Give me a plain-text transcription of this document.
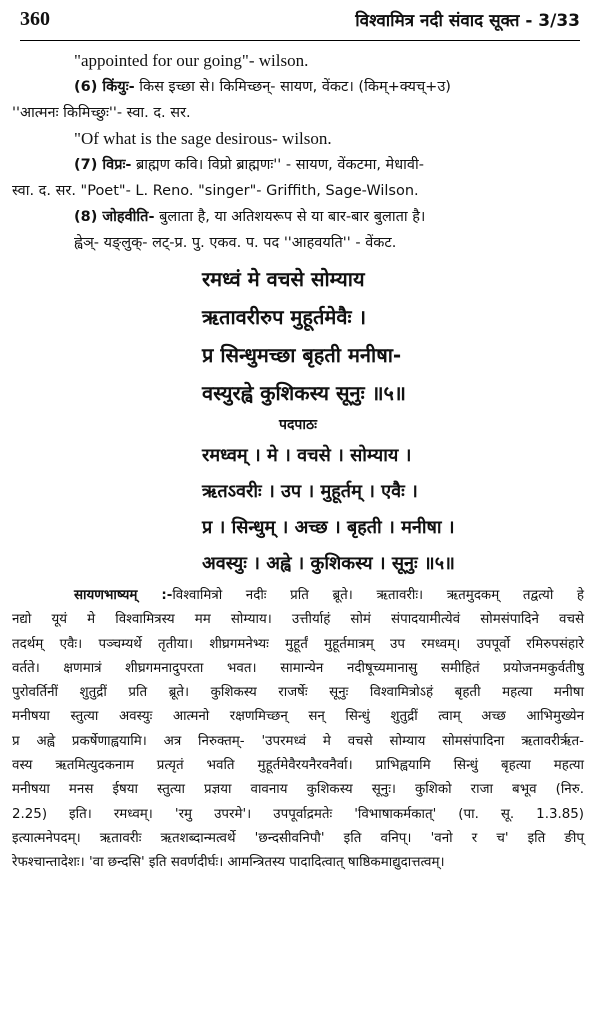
360	विश्वामित्र नदी संवाद सूक्त - 3/33
"appointed for our going"- wilson.
(6) किंयुः- किस इच्छा से। किमिच्छन्- सायण, वेंकट। (किम्+क्यच्+उ)
''आत्मनः किमिच्छुः''- स्वा. द. सर.
"Of what is the sage desirous- wilson.
(7) विप्रः- ब्राह्मण कवि। विप्रो ब्राह्मणः'' - सायण, वेंकटमा, मेधावी-
स्वा. द. सर. "Poet"- L. Reno. "singer"- Griffith, Sage-Wilson.
(8) जोहवीति- बुलाता है, या अतिशयरूप से या बार-बार बुलाता है।
ह्वेञ्- यङ्लुक्- लट्-प्र. पु. एकव. प. पद ''आहवयति'' - वेंकट.
रमध्वं मे वचसे सोम्याय
ऋतावरीरुप मुहूर्तमेवैः ।
प्र सिन्धुमच्छा बृहती मनीषा-
वस्युरह्वे कुशिकस्य सूनुः ॥५॥
पदपाठः
रमध्वम् । मे । वचसे । सोम्याय ।
ऋतऽवरीः । उप । मुहूर्तम् । एवैः ।
प्र । सिन्धुम् । अच्छ । बृहती । मनीषा ।
अवस्युः । अह्वे । कुशिकस्य । सूनुः ॥५॥
सायणभाष्यम् :-विश्वामित्रो नदीः प्रति ब्रूते। ऋतावरीः। ऋतमुदकम् तद्वत्यो हे
नद्यो यूयं मे विश्वामित्रस्य मम सोम्याय। उत्तीर्याहं सोमं संपादयामीत्येवं सोमसंपादिने वचसे
तदर्थम् एवैः। पञ्चम्यर्थे तृतीया। शीघ्रगमनेभ्यः मुहूर्तं मुहूर्तमात्रम् उप रमध्वम्। उपपूर्वो रमिरुपसंहारे
वर्तते। क्षणमात्रं शीघ्रगमनादुपरता भवत। सामान्येन नदीषूच्यमानासु समीहितं प्रयोजनमकुर्वतीषु
पुरोवर्तिनीं शुतुद्रीं प्रति ब्रूते। कुशिकस्य राजर्षेः सूनुः विश्वामित्रोऽहं बृहती महत्या मनीषा
मनीषया स्तुत्या अवस्युः आत्मनो रक्षणमिच्छन् सन् सिन्धुं शुतुद्रीं त्वाम् अच्छ आभिमुख्येन
प्र अह्वे प्रकर्षेणाह्वयामि। अत्र निरुक्तम्- 'उपरमध्वं मे वचसे सोम्याय सोमसंपादिना ऋतावरीर्ऋत-
वस्य ऋतमित्युदकनाम प्रत्यृतं भवति मुहूर्तमेवैरयनैरवनैर्वा। प्राभिह्वयामि सिन्धुं बृहत्या महत्या
मनीषया मनस ईषया स्तुत्या प्रज्ञया वावनाय कुशिकस्य सूनुः। कुशिको राजा बभूव (निरु.
2.25) इति। रमध्वम्। 'रमु उपरमे'। उपपूर्वाद्रमतेः 'विभाषाकर्मकात्' (पा. सू. 1.3.85)
इत्यात्मनेपदम्। ऋतावरीः ऋतशब्दान्मत्वर्थे 'छन्दसीवनिपौ' इति वनिप्। 'वनो र च' इति ङीप्
रेफश्चान्तादेशः। 'वा छन्दसि' इति सवर्णदीर्घः। आमन्त्रितस्य पादादित्वात् षाष्ठिकमाद्युदात्तत्वम्।
